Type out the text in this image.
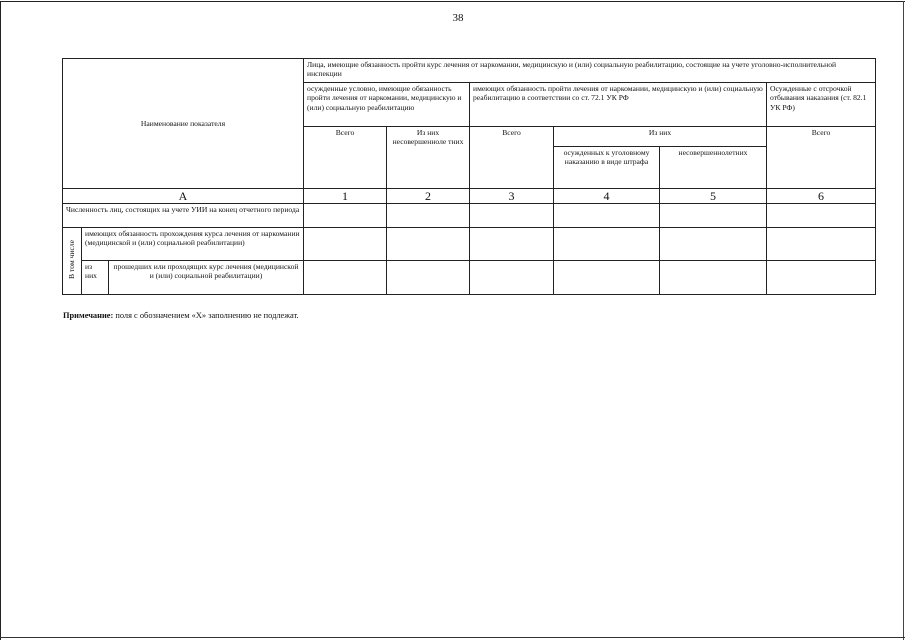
38
Наименование показателя			Лица, имеющие обязанность пройти курс лечения от наркомании, медицинскую и (или) социальную реабилитацию, состоящие на учете уголовно-исполнительной инспекции					
			осужденные условно, имеющие обязанность пройти лечения от наркомании, медицинскую и (или) социальную реабилитацию		имеющих обязанность пройти лечения от наркомании, медицинскую и (или) социальную реабилитацию в соответствии со ст. 72.1 УК РФ			Осужденные с отсрочкой отбывания наказания (ст. 82.1 УК РФ)
			Всего	Из них несовершенноле тних	Всего	Из них		Всего
						осужденных к уголовному наказанию в виде штрафа	несовершеннолетних	
А			1	2	3	4	5	6
Численность лиц, состоящих на учете УИИ на конец отчетного периода								
В том числе	имеющих обязанность прохождения курса лечения от наркомании (медицинской и (или) социальной реабилитации)							
	из них	прошедших или проходящих курс лечения (медицинской и (или) социальной реабилитации)						
Примечание: поля с обозначением «Х» заполнению не подлежат.
